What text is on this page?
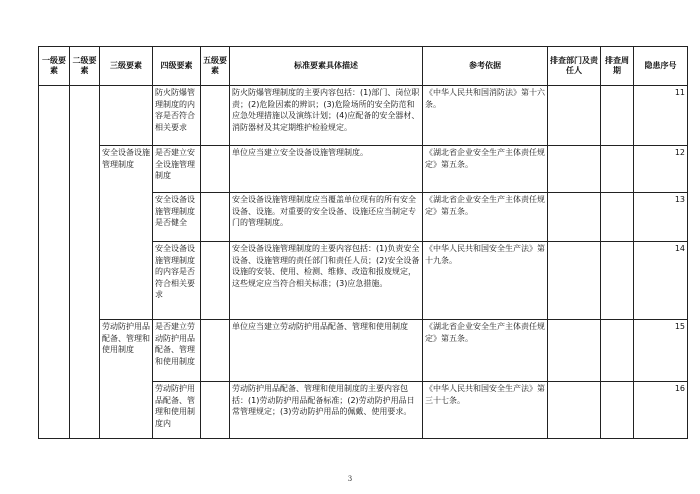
一级要素	二级要素	三级要素	四级要素	五级要素	标准要素具体描述	参考依据	排查部门及责任人	排查周期	隐患序号
			防火防爆管理制度的内容是否符合相关要求		防火防爆管理制度的主要内容包括：(1)部门、岗位职责；(2)危险因素的辨识；(3)危险场所的安全防范和应急处理措施以及演练计划；(4)应配备的安全器材、消防器材及其定期维护检验规定。	《中华人民共和国消防法》第十六条。			11
		安全设备设施管理制度	是否建立安全设施管理制度		单位应当建立安全设备设施管理制度。	《湖北省企业安全生产主体责任规定》第五条。			12
			安全设备设施管理制度是否健全		安全设备设施管理制度应当覆盖单位现有的所有安全设备、设施。对重要的安全设备、设施还应当制定专门的管理制度。	《湖北省企业安全生产主体责任规定》第五条。			13
			安全设备设施管理制度的内容是否符合相关要求		安全设备设施管理制度的主要内容包括：(1)负责安全设备、设施管理的责任部门和责任人员；(2)安全设备设施的安装、使用、检测、维修、改造和报废规定，这些规定应当符合相关标准；(3)应急措施。	《中华人民共和国安全生产法》第十九条。			14
		劳动防护用品配备、管理和使用制度	是否建立劳动防护用品配备、管理和使用制度		单位应当建立劳动防护用品配备、管理和使用制度	《湖北省企业安全生产主体责任规定》第五条。			15
			劳动防护用品配备、管理和使用制度内		劳动防护用品配备、管理和使用制度的主要内容包括：(1)劳动防护用品配备标准；(2)劳动防护用品日常管理规定；(3)劳动防护用品的佩戴、使用要求。	《中华人民共和国安全生产法》第三十七条。			16
3
